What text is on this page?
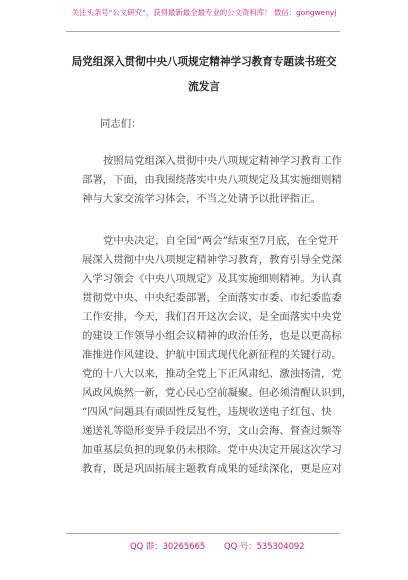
关注头条号“公文研究”，获得最新最全最专业的公文资料库！ 微信：gongwenyj
局党组深入贯彻中央八项规定精神学习教育专题读书班交
流发言
同志们：
按照局党组深入贯彻中央八项规定精神学习教育工作
部署，下面，由我围绕落实中央八项规定及其实施细则精
神与大家交流学习体会，不当之处请予以批评指正。
党中央决定，自全国“两会”结束至7月底，在全党开
展深入贯彻中央八项规定精神学习教育，教育引导全党深
入学习领会《中央八项规定》及其实施细则精神。为认真
贯彻党中央、中央纪委部署，全面落实市委、市纪委监委
工作安排，今天，我们召开这次会议，是全面落实中央党
的建设工作领导小组会议精神的政治任务，也是以更高标
准推进作风建设、护航中国式现代化新征程的关键行动。
党的十八大以来，推动全党上下正风肃纪、激浊扬清，党
风政风焕然一新，党心民心空前凝聚。但必须清醒认识到，
“四风”问题具有顽固性反复性，违规收送电子红包、快
递送礼等隐形变异手段层出不穷，文山会海、督查过频等
加重基层负担的现象仍未根除。党中央决定开展这次学习
教育，既是巩固拓展主题教育成果的延续深化，更是应对
QQ 群：30265665 QQ 号：535304092
